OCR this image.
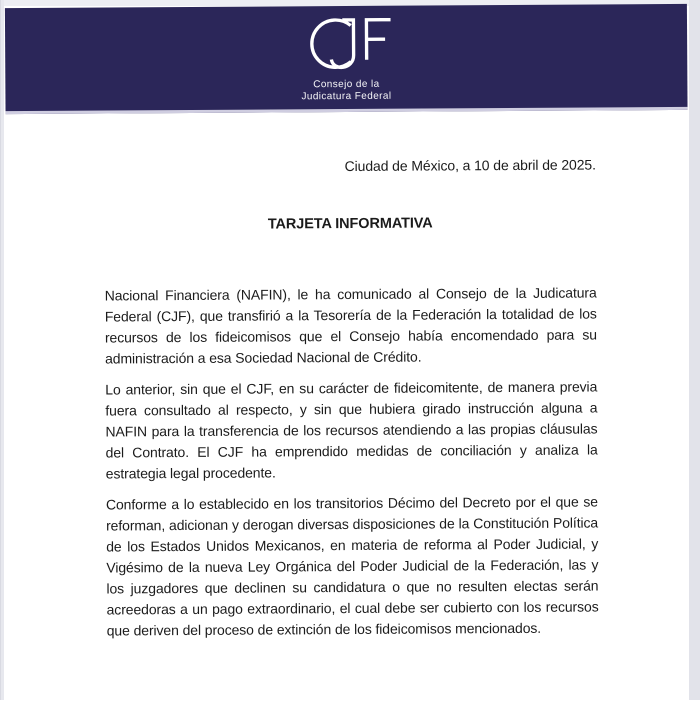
Consejo de la
Judicatura Federal
Ciudad de México, a 10 de abril de 2025.
TARJETA INFORMATIVA

Nacional Financiera (NAFIN), le ha comunicado al Consejo de la Judicatura Federal (CJF), que transfirió a la Tesorería de la Federación la totalidad de los recursos de los fideicomisos que el Consejo había encomendado para su administración a esa Sociedad Nacional de Crédito.

Lo anterior, sin que el CJF, en su carácter de fideicomitente, de manera previa fuera consultado al respecto, y sin que hubiera girado instrucción alguna a NAFIN para la transferencia de los recursos atendiendo a las propias cláusulas del Contrato. El CJF ha emprendido medidas de conciliación y analiza la estrategia legal procedente.

Conforme a lo establecido en los transitorios Décimo del Decreto por el que se reforman, adicionan y derogan diversas disposiciones de la Constitución Política de los Estados Unidos Mexicanos, en materia de reforma al Poder Judicial, y Vigésimo de la nueva Ley Orgánica del Poder Judicial de la Federación, las y los juzgadores que declinen su candidatura o que no resulten electas serán acreedoras a un pago extraordinario, el cual debe ser cubierto con los recursos que deriven del proceso de extinción de los fideicomisos mencionados.
